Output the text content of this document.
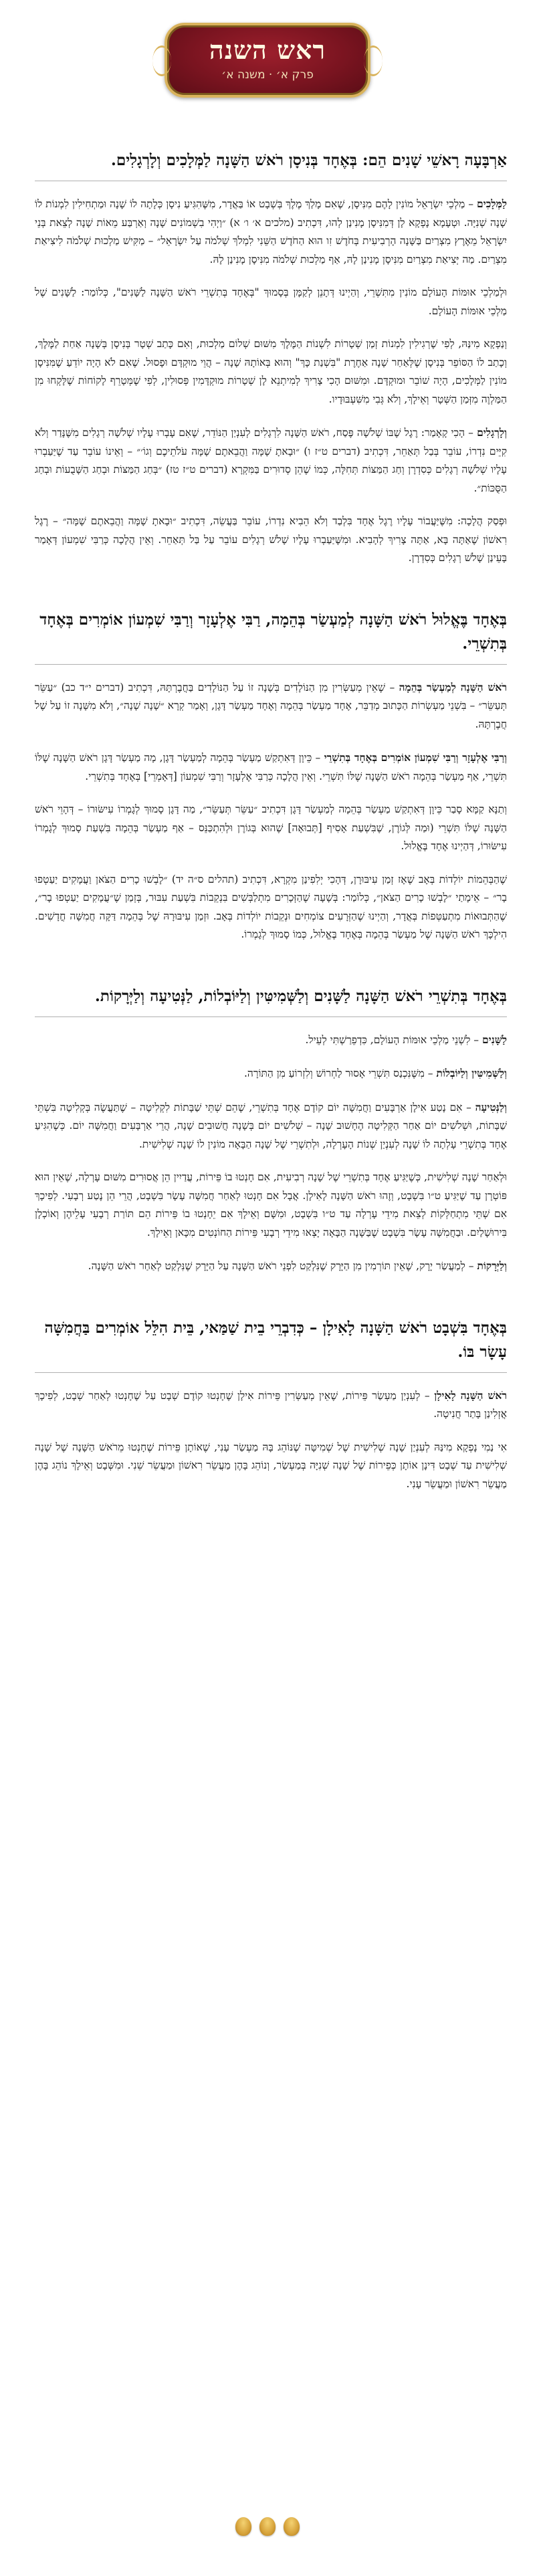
ראש השנה
פרק א׳ · משנה א׳
אַרְבָּעָה רָאשֵׁי שָׁנִים הֵם: בְּאֶחָד בְּנִיסָן רֹאשׁ הַשָּׁנָה לַמְּלָכִים וְלָרְגָלִים.

לַמְּלָכִים – מַלְכֵי יִשְׂרָאֵל מוֹנִין לָהֶם מִנִּיסָן, שֶׁאִם מָלַךְ מֶלֶךְ בְּשְׁבָט אוֹ בַּאֲדָר, מִשֶּׁהִגִּיעַ נִיסָן כְּלָתָה לוֹ שָׁנָה וּמַתְחִילִין לִמְנוֹת לוֹ שָׁנָה שְׁנִיָּה. וּטְעָמָא נָפְקָא לָן דְּמִנִּיסָן מָנִינַן לְהוּ, דִּכְתִיב (מלכים א׳ ו׳ א) ״וַיְהִי בִשְׁמוֹנִים שָׁנָה וְאַרְבַּע מֵאוֹת שָׁנָה לְצֵאת בְּנֵי יִשְׂרָאֵל מֵאֶרֶץ מִצְרַיִם בַּשָּׁנָה הָרְבִיעִית בְּחֹדֶשׁ זִו הוּא הַחֹדֶשׁ הַשֵּׁנִי לִמְלֹךְ שְׁלֹמֹה עַל יִשְׂרָאֵל״ – מַקִּישׁ מַלְכוּת שְׁלֹמֹה לִיצִיאַת מִצְרַיִם. מַה יְּצִיאַת מִצְרַיִם מִנִּיסָן מָנִינַן לָהּ, אַף מַלְכוּת שְׁלֹמֹה מִנִּיסָן מָנִינַן לָהּ.

וּלְמַלְכֵי אוּמּוֹת הָעוֹלָם מוֹנִין מִתִּשְׁרֵי, וְהַיְינוּ דְּתָנֵן לְקַמָּן בְּסָמוּךְ "בְּאֶחָד בְּתִשְׁרֵי רֹאשׁ הַשָּׁנָה לַשָּׁנִים", כְּלוֹמַר: לַשָּׁנִים שֶׁל מַלְכֵי אוּמּוֹת הָעוֹלָם.

וְנַפְקָא מִינַּהּ, לְפִי שֶׁרְגִילִין לִמְנוֹת זְמַן שְׁטָרוֹת לִשְׁנוֹת הַמֶּלֶךְ מִשּׁוּם שְׁלוֹם מַלְכוּת, וְאִם כָּתַב שְׁטָר בְּנִיסָן בְּשָׁנָה אַחַת לַמֶּלֶךְ, וְכָתַב לוֹ הַסּוֹפֵר בְּנִיסָן שֶׁלְּאַחַר שָׁנָה אַחֶרֶת "בִּשְׁנַת כָּךְ" וְהוּא בְּאוֹתָהּ שָׁנָה – הֲוֵי מוּקְדָּם וּפָסוּל. שֶׁאִם לֹא הָיָה יוֹדֵעַ שֶׁמִּנִּיסָן מוֹנִין לַמְּלָכִים, הָיָה שׁוֹבֵר וּמוּקְדָּם. וּמִשּׁוּם הָכִי צָרִיךְ לְמִיתְנֵא לָן שְׁטָרוֹת מוּקְדָּמִין פְּסוּלִין, לְפִי שֶׁמְּטָרֵף לָקוֹחוֹת שֶׁלָּקְחוּ מִן הַמַּלְוֶה מִזְּמַן הַשְּׁטָר וְאֵילָךְ, וְלֹא גְּבִי מִשִּׁעְבּוּדָיו.

וְלָרְגָלִים – הָכִי קָאָמַר: רֶגֶל שֶׁבּוֹ שְׁלֹשָׁה פֶּסַח, רֹאשׁ הַשָּׁנָה לִרְגָלִים לְעִנְיַן הַנּוֹדֵר, שֶׁאִם עָבְרוּ עָלָיו שְׁלֹשָׁה רְגָלִים מִשֶּׁנָּדַר וְלֹא קִיֵּים נִדְרוֹ, עוֹבֵר בְּבַל תְּאַחֵר, דִּכְתִיב (דברים ט״ז ו) ״וּבָאתָ שָׁמָּה וַהֲבֵאתֶם שָׁמָּה עֹלֹתֵיכֶם וְגוֹ׳״ – וְאֵינוֹ עוֹבֵר עַד שֶׁיַּעַבְרוּ עָלָיו שְׁלֹשָׁה רְגָלִים כְּסִדְרָן וְחַג הַמַּצּוֹת תְּחִלָּה, כְּמוֹ שֶׁהֵן סְדוּרִים בַּמִּקְרָא (דברים ט״ז טז) ״בְּחַג הַמַּצּוֹת וּבְחַג הַשָּׁבֻעוֹת וּבְחַג הַסֻּכּוֹת״.

וּפְסַק הֲלָכָה: מִשֶּׁיַּעֲבוֹר עָלָיו רֶגֶל אֶחָד בִּלְבַד וְלֹא הֵבִיא נִדְרוֹ, עוֹבֵר בַּעֲשֵׂה, דִּכְתִיב ״וּבָאתָ שָׁמָּה וַהֲבֵאתֶם שָׁמָּה״ – רֶגֶל רִאשׁוֹן שֶׁאַתָּה בָּא, אַתָּה צָרִיךְ לְהָבִיא. וּמִשֶּׁיַּעַבְרוּ עָלָיו שָׁלֹשׁ רְגָלִים עוֹבֵר עַל בַּל תְּאַחֵר. וְאֵין הֲלָכָה כְּרַבִּי שִׁמְעוֹן דְּאָמַר בָּעֵינַן שָׁלֹשׁ רְגָלִים כְּסִדְרָן.

בְּאֶחָד בֶּאֱלוּל רֹאשׁ הַשָּׁנָה לְמַעְשַׂר בְּהֵמָה, רַבִּי אֶלְעָזָר וְרַבִּי שִׁמְעוֹן אוֹמְרִים בְּאֶחָד בְּתִשְׁרֵי.

רֹאשׁ הַשָּׁנָה לְמַעְשַׂר בְּהֵמָה – שֶׁאֵין מְעַשְּׂרִין מִן הַנּוֹלָדִים בְּשָׁנָה זוֹ עַל הַנּוֹלָדִים בַּחֲבֶרְתָּהּ, דִּכְתִיב (דברים י״ד כב) ״עַשֵּׂר תְּעַשֵּׂר״ – בִּשְׁנֵי מַעְשְׂרוֹת הַכָּתוּב מְדַבֵּר, אֶחָד מַעְשַׂר בְּהֵמָה וְאֶחָד מַעְשַׂר דָּגָן, וְאָמַר קְרָא ״שָׁנָה שָׁנָה״, וְלֹא מִשָּׁנָה זוֹ עַל שֶׁל חֲבֶרְתָּהּ.

וְרַבִּי אֶלְעָזָר וְרַבִּי שִׁמְעוֹן אוֹמְרִים בְּאֶחָד בְּתִשְׁרֵי – כֵּיוָן דְּאִתְקַשׁ מַעְשַׂר בְּהֵמָה לְמַעְשַׂר דָּגָן, מָה מַעְשַׂר דָּגָן רֹאשׁ הַשָּׁנָה שֶׁלּוֹ תִּשְׁרֵי, אַף מַעְשַׂר בְּהֵמָה רֹאשׁ הַשָּׁנָה שֶׁלּוֹ תִּשְׁרֵי. וְאֵין הֲלָכָה כְּרַבִּי אֶלְעָזָר וְרַבִּי שִׁמְעוֹן [דְּאָמְרֵי] בְּאֶחָד בְּתִשְׁרֵי.

וְתַנָּא קַמָּא סָבַר כֵּיוָן דְּאִתְקַשׁ מַעְשַׂר בְּהֵמָה לְמַעְשַׂר דָּגָן דִּכְתִיב ״עַשֵּׂר תְּעַשֵּׂר״, מַה דָּגָן סָמוּךְ לְגָמְרוֹ עִישּׂוּרוֹ – דְּהָוֵי רֹאשׁ הַשָּׁנָה שֶׁלּוֹ תִּשְׁרֵי (וּמַה לְּגוֹרֶן, שֶׁבִּשְׁעַת אָסִיף [תְּבוּאָה] שֶׁהוּא בְּגוֹרֶן וּלְהִתְכַּנֵּס – אַף מַעְשַׂר בְּהֵמָה בִּשְׁעַת סָמוּךְ לְגָמְרוֹ עִישּׂוּרוֹ, דְּהַיְינוּ אֶחָד בֶּאֱלוּל.

שֶׁהַבְּהֵמוֹת יוֹלְדוֹת בְּאָב שֶׁאָז זְמַן עִיבּוּרָן, דְּהָכִי יְלִפִינַן מִקְרָא, דִּכְתִיב (תהלים ס״ה יד) ״לָבְשׁוּ כָרִים הַצֹּאן וַעֲמָקִים יַעַטְפוּ בָר״ – אֵימָתַי ״לָבְשׁוּ כָרִים הַצֹּאן״, כְּלוֹמַר: בְּשָׁעָה שֶׁהַזְּכָרִים מִתְלַבְּשִׁים בִּנְקֵבוֹת בִּשְׁעַת עִבּוּר, בְּזְמַן שֶׁ״עֲמָקִים יַעַטְפוּ בָר״, שֶׁהַתְּבוּאוֹת מִתְעַטְּפוֹת בְּאֲדָר, וְהַיְינוּ שֶׁהַזְּרָעִים צוֹמְחִים וּנְקֵבוֹת יוֹלְדוֹת בְּאָב. וּזְמַן עִיבּוּרָהּ שֶׁל בְּהֵמָה דַּקָּה חֲמִשָּׁה חֳדָשִׁים. הִילְכָּךְ רֹאשׁ הַשָּׁנָה שֶׁל מַעְשַׂר בְּהֵמָה בְּאֶחָד בֶּאֱלוּל, כְּמוֹ סָמוּךְ לְגָמְרוֹ.

בְּאֶחָד בְּתִשְׁרֵי רֹאשׁ הַשָּׁנָה לַשָּׁנִים וְלַשְּׁמִיטִּין וְלַיּוֹבְלוֹת, לַנְּטִיעָה וְלַיְּרָקוֹת.

לַשָּׁנִים – לִשְׁנֵי מַלְכֵי אוּמּוֹת הָעוֹלָם, כִּדְפֵרַשְׁתִּי לְעֵיל.

וְלַשְּׁמִיטִּין וְלַיּוֹבְלוֹת – מִשֶּׁנִּכְנַס תִּשְׁרֵי אָסוּר לַחְרוֹשׁ וְלִזְרוֹעַ מִן הַתּוֹרָה.

וְלַנְּטִיעָה – אִם נָטַע אִילָן אַרְבָּעִים וַחֲמִשָּׁה יוֹם קוֹדֶם אֶחָד בְּתִשְׁרֵי, שֶׁהֵם שְׁתֵּי שַׁבָּתוֹת לִקְלִיטָה – שֶׁתַּעֲשֶׂה בְּקְלִיטָה בִּשְׁתֵּי שַׁבָּתוֹת, וּשְׁלֹשִׁים יוֹם אַחַר הַקְּלִיטָה הֶחָשׁוּב שָׁנָה – שְׁלֹשִׁים יוֹם בְּשָׁנָה חֲשׁוּבִים שָׁנָה, הֲרֵי אַרְבָּעִים וַחֲמִשָּׁה יוֹם. כְּשֶׁהִגִּיעַ אֶחָד בְּתִשְׁרֵי עָלְתָה לוֹ שָׁנָה לְעִנְיַן שְׁנוֹת הָעָרְלָה, וּלְתִשְׁרֵי שֶׁל שָׁנָה הַבָּאָה מוֹנִין לוֹ שָׁנָה שְׁלִישִׁית.

וּלְאַחַר שָׁנָה שְׁלִישִׁית, כְּשֶׁיַּגִּיעַ אֶחָד בְּתִשְׁרֵי שֶׁל שָׁנָה רְבִיעִית, אִם חָנְטוּ בוֹ פֵּירוֹת, עֲדַיִין הֵן אֲסוּרִים מִשּׁוּם עָרְלָה, שֶׁאֵין הוּא פּוֹטְרָן עַד שֶׁיַּגִּיעַ ט״ו בִּשְׁבָט, וְזֶהוּ רֹאשׁ הַשָּׁנָה לָאִילָן. אֲבָל אִם חָנְטוּ לְאַחַר חֲמִשָּׁה עָשָׂר בִּשְׁבָט, הֲרֵי הֵן נֶטַע רְבָעִי. לְפִיכָךְ אִם שְׁתֵּי מִתְחַלְּקוֹת לְצֵאת מִידֵי עָרְלָה עַד ט״ו בִּשְׁבָט, וּמִשָּׁם וְאֵילָךְ אִם יֵחָנְטוּ בוֹ פֵּירוֹת הֵם תּוֹרַת רְבָעִי עָלֵיהֶן וְאוֹכְלָן בִּירוּשָׁלַיִם. וּבַחֲמִשָּׁה עָשָׂר בִּשְׁבָט שֶׁבַּשָּׁנָה הַבָּאָה יָצְאוּ מִידֵי רְבָעִי פֵּירוֹת הַחוֹנְטִים מִכָּאן וְאֵילָךְ.

וְלַיְּרָקוֹת – לְמַעֲשַׂר יָרָק, שֶׁאֵין תּוֹרְמִין מִן הַיָּרָק שֶׁנִּלְקַט לִפְנֵי רֹאשׁ הַשָּׁנָה עַל הַיָּרָק שֶׁנִּלְקַט לְאַחַר רֹאשׁ הַשָּׁנָה.

בְּאֶחָד בִּשְׁבָט רֹאשׁ הַשָּׁנָה לָאִילָן – כְּדִבְרֵי בֵית שַׁמַּאי, בֵּית הִלֵּל אוֹמְרִים בַּחֲמִשָּׁה עָשָׂר בּוֹ.

רֹאשׁ הַשָּׁנָה לָאִילָן – לְעִנְיַן מַעְשַׂר פֵּירוֹת, שֶׁאֵין מְעַשְּׂרִין פֵּירוֹת אִילָן שֶׁחָנְטוּ קוֹדֶם שְׁבָט עַל שֶׁחָנְטוּ לְאַחַר שְׁבָט, לְפִיכָךְ אֲזְלִינַן בָּתַר חֲנִיטָה.

אִי נַמִי נָפְקָא מִינַּהּ לְעִנְיַן שָׁנָה שְׁלִישִׁית שֶׁל שְׁמִיטָּה שֶׁנּוֹהֵג בָּהּ מַעְשַׂר עָנִי, שֶׁאוֹתָן פֵּירוֹת שֶׁחָנְטוּ מֵרֹאשׁ הַשָּׁנָה שֶׁל שָׁנָה שְׁלִישִׁית עַד שְׁבָט דִּינָן אוֹתָן כְּפֵירוֹת שֶׁל שָׁנָה שְׁנִיָּה בְּמַעְשַׂר, וְנוֹהֵג בָּהֶן מַעֲשֵׂר רִאשׁוֹן וּמַעֲשֵׂר שֵׁנִי. וּמִשְּׁבָט וְאֵילָךְ נוֹהֵג בָּהֶן מַעֲשֵׂר רִאשׁוֹן וּמַעֲשֵׂר עָנִי.
